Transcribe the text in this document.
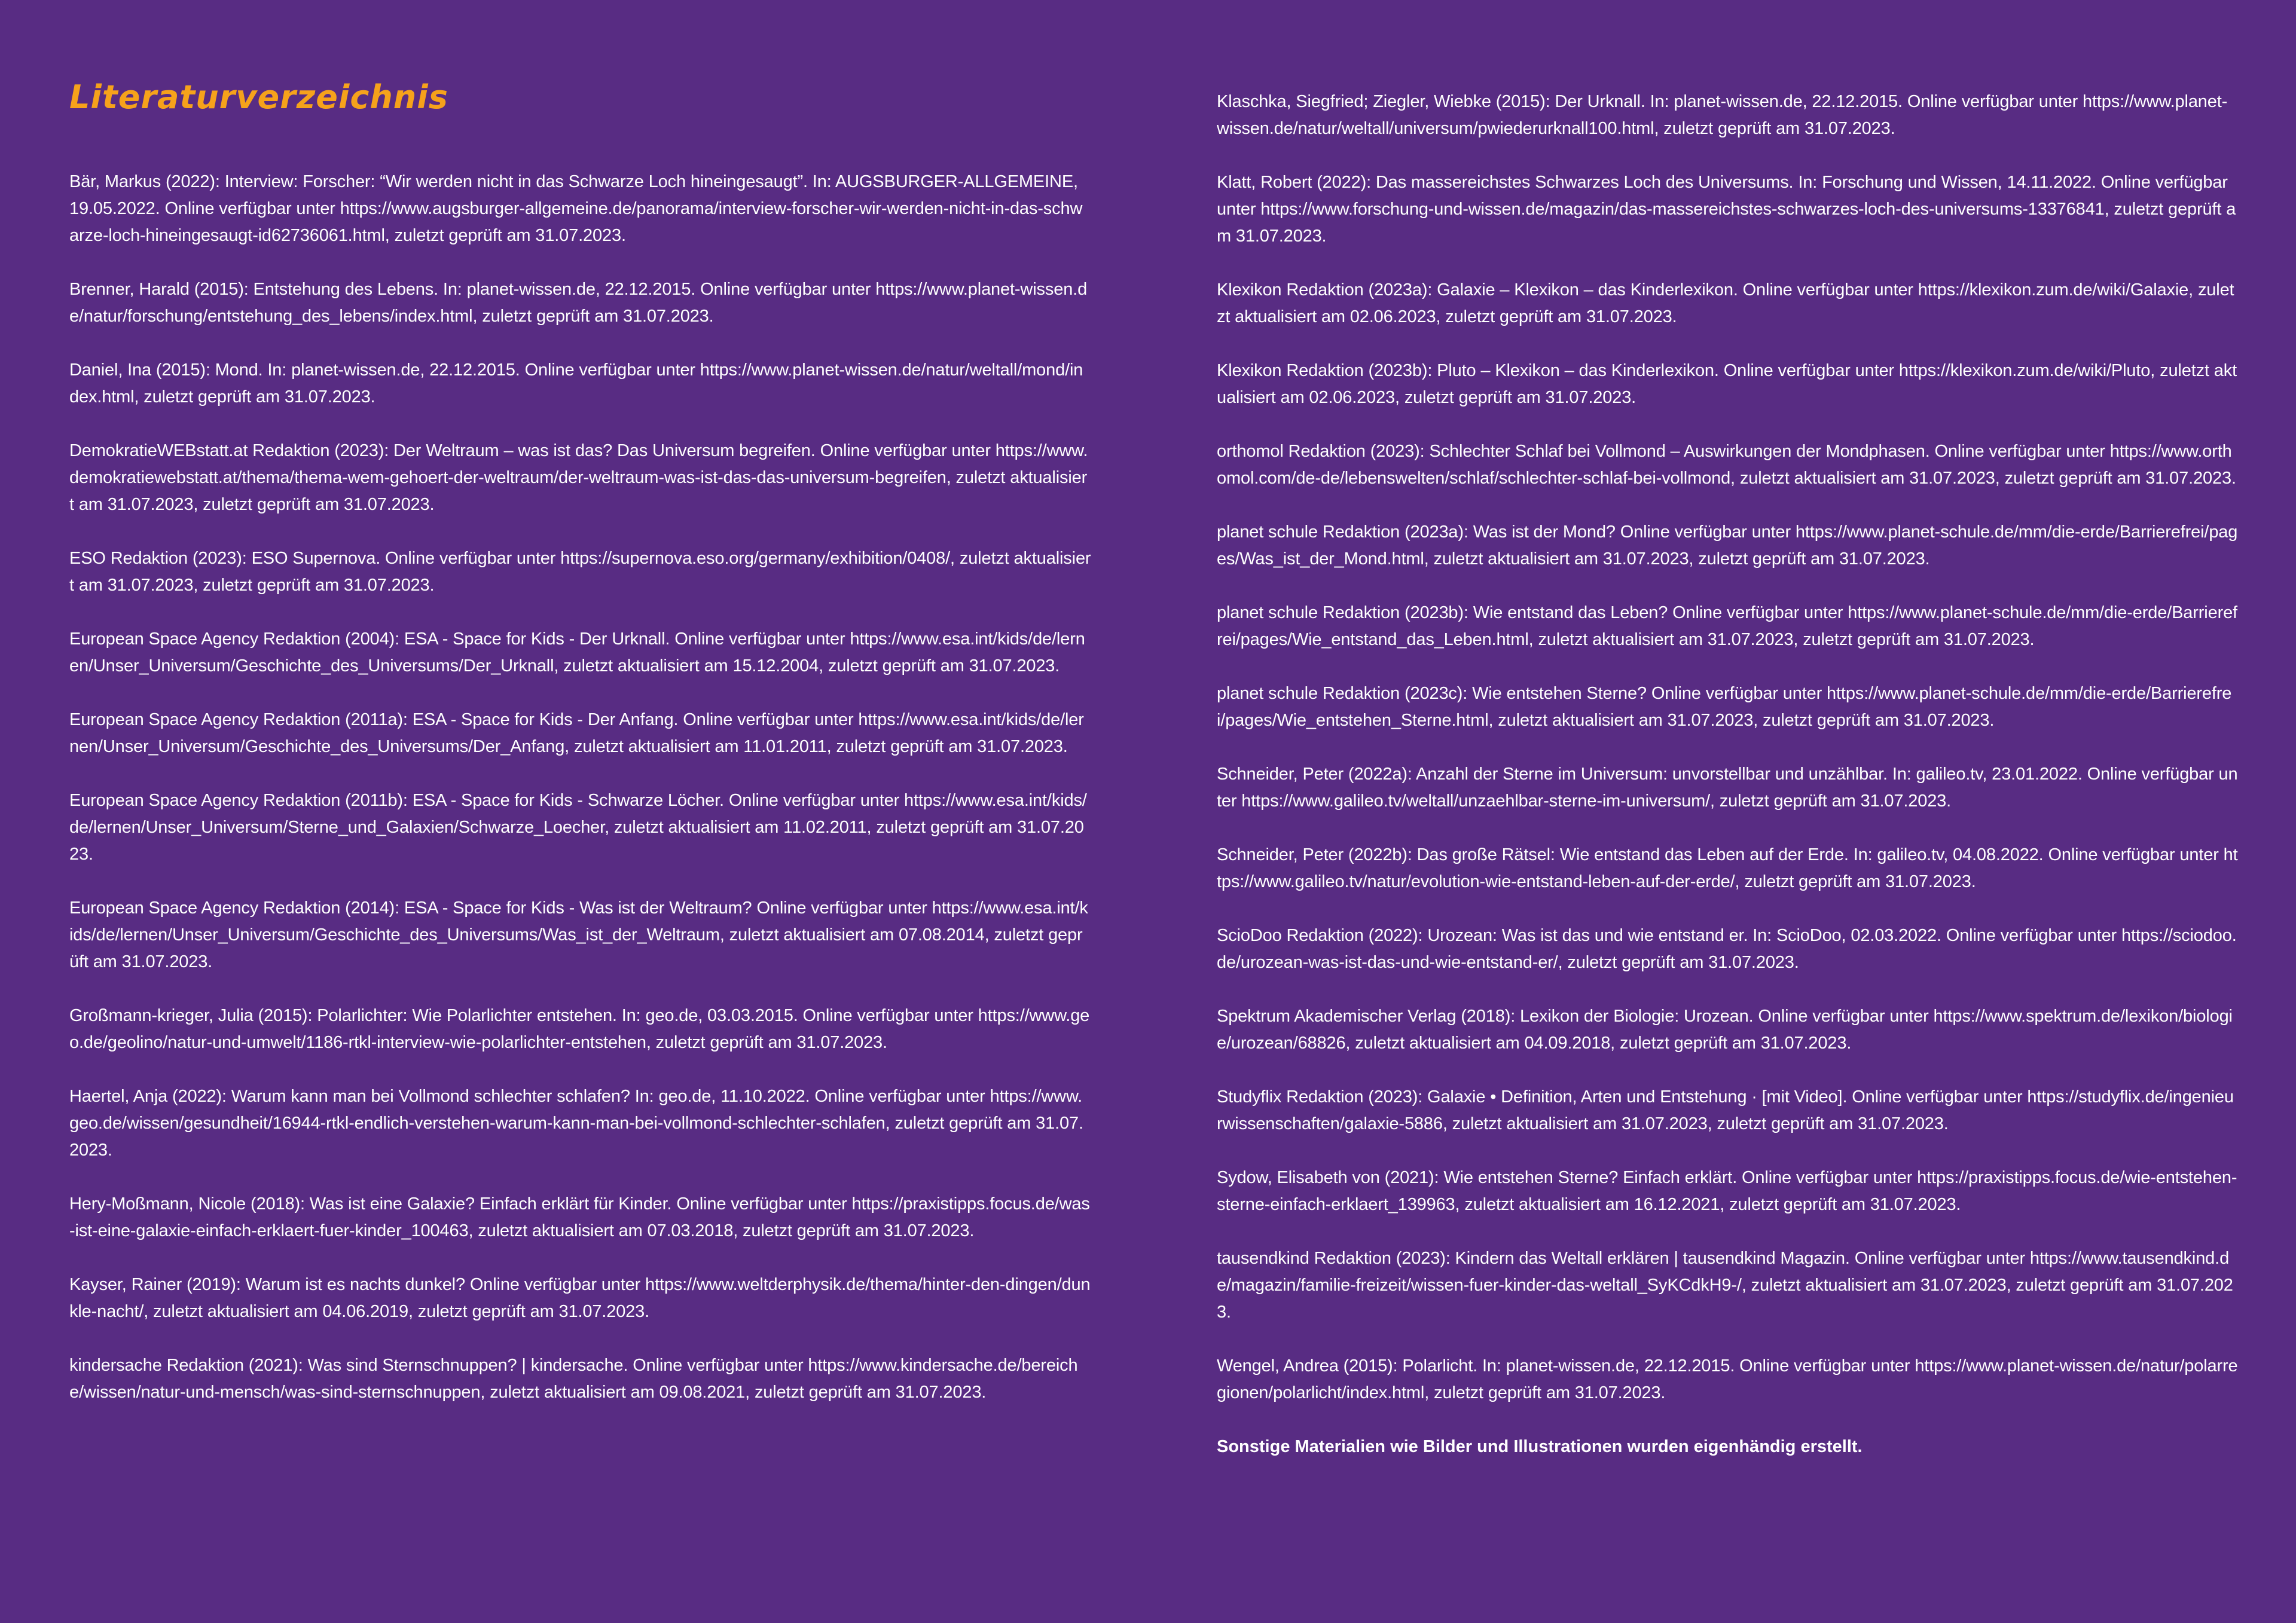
Literaturverzeichnis

Bär, Markus (2022): Interview: Forscher: “Wir werden nicht in das Schwarze Loch hineingesaugt”. In: AUGSBURGER-ALLGEMEINE, 19.05.2022. Online verfügbar unter https://www.augsburger-allgemeine.de/panorama/interview-forscher-wir-werden-nicht-in-das-schwarze-loch-hineingesaugt-id62736061.html, zuletzt geprüft am 31.07.2023.

Brenner, Harald (2015): Entstehung des Lebens. In: planet-wissen.de, 22.12.2015. Online verfügbar unter https://www.planet-wissen.de/natur/forschung/entstehung_des_lebens/index.html, zuletzt geprüft am 31.07.2023.

Daniel, Ina (2015): Mond. In: planet-wissen.de, 22.12.2015. Online verfügbar unter https://www.planet-wissen.de/natur/weltall/mond/index.html, zuletzt geprüft am 31.07.2023.

DemokratieWEBstatt.at Redaktion (2023): Der Weltraum – was ist das? Das Universum begreifen. Online verfügbar unter https://www.demokratiewebstatt.at/thema/thema-wem-gehoert-der-weltraum/der-weltraum-was-ist-das-das-universum-begreifen, zuletzt aktualisiert am 31.07.2023, zuletzt geprüft am 31.07.2023.

ESO Redaktion (2023): ESO Supernova. Online verfügbar unter https://supernova.eso.org/germany/exhibition/0408/, zuletzt aktualisiert am 31.07.2023, zuletzt geprüft am 31.07.2023.

European Space Agency Redaktion (2004): ESA - Space for Kids - Der Urknall. Online verfügbar unter https://www.esa.int/kids/de/lernen/Unser_Universum/Geschichte_des_Universums/Der_Urknall, zuletzt aktualisiert am 15.12.2004, zuletzt geprüft am 31.07.2023.

European Space Agency Redaktion (2011a): ESA - Space for Kids - Der Anfang. Online verfügbar unter https://www.esa.int/kids/de/lernen/Unser_Universum/Geschichte_des_Universums/Der_Anfang, zuletzt aktualisiert am 11.01.2011, zuletzt geprüft am 31.07.2023.

European Space Agency Redaktion (2011b): ESA - Space for Kids - Schwarze Löcher. Online verfügbar unter https://www.esa.int/kids/de/lernen/Unser_Universum/Sterne_und_Galaxien/Schwarze_Loecher, zuletzt aktualisiert am 11.02.2011, zuletzt geprüft am 31.07.2023.

European Space Agency Redaktion (2014): ESA - Space for Kids - Was ist der Weltraum? Online verfügbar unter https://www.esa.int/kids/de/lernen/Unser_Universum/Geschichte_des_Universums/Was_ist_der_Weltraum, zuletzt aktualisiert am 07.08.2014, zuletzt geprüft am 31.07.2023.

Großmann-krieger, Julia (2015): Polarlichter: Wie Polarlichter entstehen. In: geo.de, 03.03.2015. Online verfügbar unter https://www.geo.de/geolino/natur-und-umwelt/1186-rtkl-interview-wie-polarlichter-entstehen, zuletzt geprüft am 31.07.2023.

Haertel, Anja (2022): Warum kann man bei Vollmond schlechter schlafen? In: geo.de, 11.10.2022. Online verfügbar unter https://www.geo.de/wissen/gesundheit/16944-rtkl-endlich-verstehen-warum-kann-man-bei-vollmond-schlechter-schlafen, zuletzt geprüft am 31.07.2023.

Hery-Moßmann, Nicole (2018): Was ist eine Galaxie? Einfach erklärt für Kinder. Online verfügbar unter https://praxistipps.focus.de/was-ist-eine-galaxie-einfach-erklaert-fuer-kinder_100463, zuletzt aktualisiert am 07.03.2018, zuletzt geprüft am 31.07.2023.

Kayser, Rainer (2019): Warum ist es nachts dunkel? Online verfügbar unter https://www.weltderphysik.de/thema/hinter-den-dingen/dunkle-nacht/, zuletzt aktualisiert am 04.06.2019, zuletzt geprüft am 31.07.2023.

kindersache Redaktion (2021): Was sind Sternschnuppen? | kindersache. Online verfügbar unter https://www.kindersache.de/bereiche/wissen/natur-und-mensch/was-sind-sternschnuppen, zuletzt aktualisiert am 09.08.2021, zuletzt geprüft am 31.07.2023.

Klaschka, Siegfried; Ziegler, Wiebke (2015): Der Urknall. In: planet-wissen.de, 22.12.2015. Online verfügbar unter https://www.planet-wissen.de/natur/weltall/universum/pwiederurknall100.html, zuletzt geprüft am 31.07.2023.

Klatt, Robert (2022): Das massereichstes Schwarzes Loch des Universums. In: Forschung und Wissen, 14.11.2022. Online verfügbar unter https://www.forschung-und-wissen.de/magazin/das-massereichstes-schwarzes-loch-des-universums-13376841, zuletzt geprüft am 31.07.2023.

Klexikon Redaktion (2023a): Galaxie – Klexikon – das Kinderlexikon. Online verfügbar unter https://klexikon.zum.de/wiki/Galaxie, zuletzt aktualisiert am 02.06.2023, zuletzt geprüft am 31.07.2023.

Klexikon Redaktion (2023b): Pluto – Klexikon – das Kinderlexikon. Online verfügbar unter https://klexikon.zum.de/wiki/Pluto, zuletzt aktualisiert am 02.06.2023, zuletzt geprüft am 31.07.2023.

orthomol Redaktion (2023): Schlechter Schlaf bei Vollmond – Auswirkungen der Mondphasen. Online verfügbar unter https://www.orthomol.com/de-de/lebenswelten/schlaf/schlechter-schlaf-bei-vollmond, zuletzt aktualisiert am 31.07.2023, zuletzt geprüft am 31.07.2023.

planet schule Redaktion (2023a): Was ist der Mond? Online verfügbar unter https://www.planet-schule.de/mm/die-erde/Barrierefrei/pages/Was_ist_der_Mond.html, zuletzt aktualisiert am 31.07.2023, zuletzt geprüft am 31.07.2023.

planet schule Redaktion (2023b): Wie entstand das Leben? Online verfügbar unter https://www.planet-schule.de/mm/die-erde/Barrierefrei/pages/Wie_entstand_das_Leben.html, zuletzt aktualisiert am 31.07.2023, zuletzt geprüft am 31.07.2023.

planet schule Redaktion (2023c): Wie entstehen Sterne? Online verfügbar unter https://www.planet-schule.de/mm/die-erde/Barrierefrei/pages/Wie_entstehen_Sterne.html, zuletzt aktualisiert am 31.07.2023, zuletzt geprüft am 31.07.2023.

Schneider, Peter (2022a): Anzahl der Sterne im Universum: unvorstellbar und unzählbar. In: galileo.tv, 23.01.2022. Online verfügbar unter https://www.galileo.tv/weltall/unzaehlbar-sterne-im-universum/, zuletzt geprüft am 31.07.2023.

Schneider, Peter (2022b): Das große Rätsel: Wie entstand das Leben auf der Erde. In: galileo.tv, 04.08.2022. Online verfügbar unter https://www.galileo.tv/natur/evolution-wie-entstand-leben-auf-der-erde/, zuletzt geprüft am 31.07.2023.

ScioDoo Redaktion (2022): Urozean: Was ist das und wie entstand er. In: ScioDoo, 02.03.2022. Online verfügbar unter https://sciodoo.de/urozean-was-ist-das-und-wie-entstand-er/, zuletzt geprüft am 31.07.2023.

Spektrum Akademischer Verlag (2018): Lexikon der Biologie: Urozean. Online verfügbar unter https://www.spektrum.de/lexikon/biologie/urozean/68826, zuletzt aktualisiert am 04.09.2018, zuletzt geprüft am 31.07.2023.

Studyflix Redaktion (2023): Galaxie • Definition, Arten und Entstehung · [mit Video]. Online verfügbar unter https://studyflix.de/ingenieurwissenschaften/galaxie-5886, zuletzt aktualisiert am 31.07.2023, zuletzt geprüft am 31.07.2023.

Sydow, Elisabeth von (2021): Wie entstehen Sterne? Einfach erklärt. Online verfügbar unter https://praxistipps.focus.de/wie-entstehen-sterne-einfach-erklaert_139963, zuletzt aktualisiert am 16.12.2021, zuletzt geprüft am 31.07.2023.

tausendkind Redaktion (2023): Kindern das Weltall erklären | tausendkind Magazin. Online verfügbar unter https://www.tausendkind.de/magazin/familie-freizeit/wissen-fuer-kinder-das-weltall_SyKCdkH9-/, zuletzt aktualisiert am 31.07.2023, zuletzt geprüft am 31.07.2023.

Wengel, Andrea (2015): Polarlicht. In: planet-wissen.de, 22.12.2015. Online verfügbar unter https://www.planet-wissen.de/natur/polarregionen/polarlicht/index.html, zuletzt geprüft am 31.07.2023.

Sonstige Materialien wie Bilder und Illustrationen wurden eigenhändig erstellt.
